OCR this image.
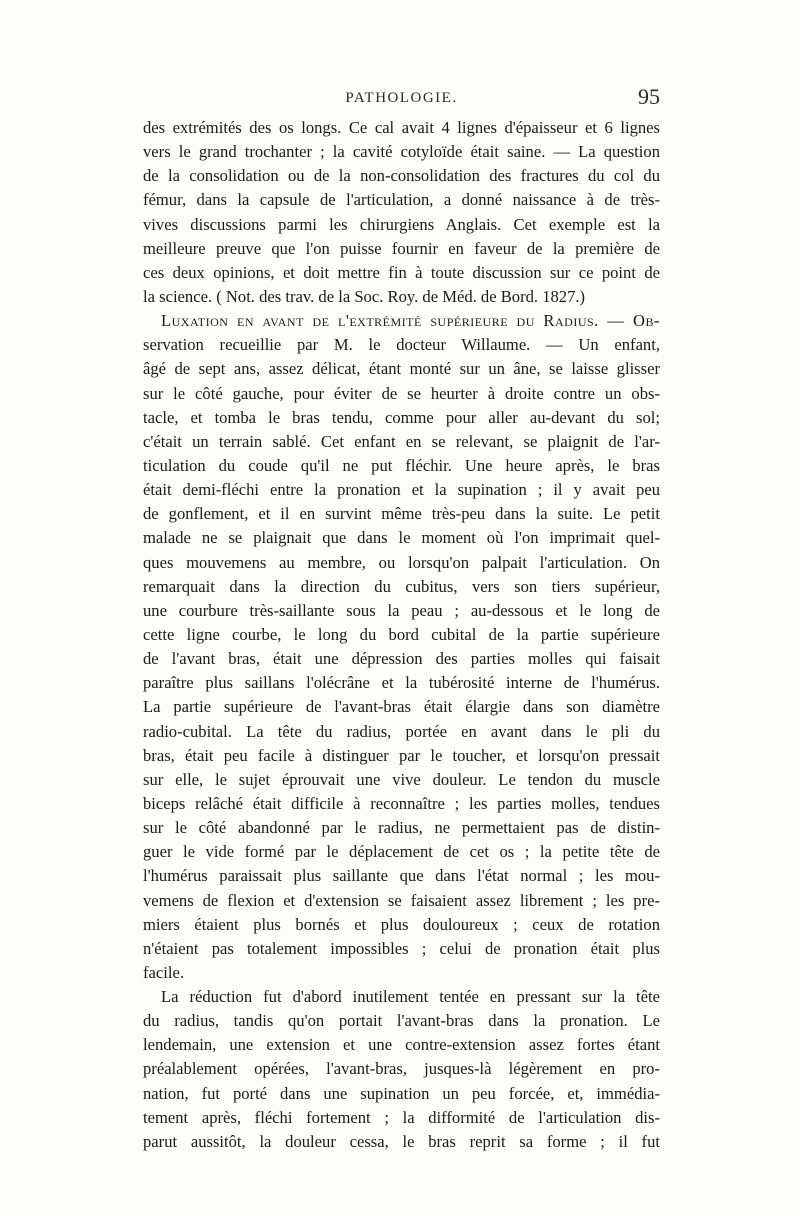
PATHOLOGIE.	95
des extrémités des os longs. Ce cal avait 4 lignes d'épaisseur et 6 lignes
vers le grand trochanter ; la cavité cotyloïde était saine. — La question
de la consolidation ou de la non-consolidation des fractures du col du
fémur, dans la capsule de l'articulation, a donné naissance à de très-
vives discussions parmi les chirurgiens Anglais. Cet exemple est la
meilleure preuve que l'on puisse fournir en faveur de la première de
ces deux opinions, et doit mettre fin à toute discussion sur ce point de
la science. ( Not. des trav. de la Soc. Roy. de Méd. de Bord. 1827.)
Luxation en avant de l'extrémité supérieure du Radius. — Ob-
servation recueillie par M. le docteur Willaume. — Un enfant,
âgé de sept ans, assez délicat, étant monté sur un âne, se laisse glisser
sur le côté gauche, pour éviter de se heurter à droite contre un obs-
tacle, et tomba le bras tendu, comme pour aller au-devant du sol;
c'était un terrain sablé. Cet enfant en se relevant, se plaignit de l'ar-
ticulation du coude qu'il ne put fléchir. Une heure après, le bras
était demi-fléchi entre la pronation et la supination ; il y avait peu
de gonflement, et il en survint même très-peu dans la suite. Le petit
malade ne se plaignait que dans le moment où l'on imprimait quel-
ques mouvemens au membre, ou lorsqu'on palpait l'articulation. On
remarquait dans la direction du cubitus, vers son tiers supérieur,
une courbure très-saillante sous la peau ; au-dessous et le long de
cette ligne courbe, le long du bord cubital de la partie supérieure
de l'avant bras, était une dépression des parties molles qui faisait
paraître plus saillans l'olécrâne et la tubérosité interne de l'humérus.
La partie supérieure de l'avant-bras était élargie dans son diamètre
radio-cubital. La tête du radius, portée en avant dans le pli du
bras, était peu facile à distinguer par le toucher, et lorsqu'on pressait
sur elle, le sujet éprouvait une vive douleur. Le tendon du muscle
biceps relâché était difficile à reconnaître ; les parties molles, tendues
sur le côté abandonné par le radius, ne permettaient pas de distin-
guer le vide formé par le déplacement de cet os ; la petite tête de
l'humérus paraissait plus saillante que dans l'état normal ; les mou-
vemens de flexion et d'extension se faisaient assez librement ; les pre-
miers étaient plus bornés et plus douloureux ; ceux de rotation
n'étaient pas totalement impossibles ; celui de pronation était plus
facile.
La réduction fut d'abord inutilement tentée en pressant sur la tête
du radius, tandis qu'on portait l'avant-bras dans la pronation. Le
lendemain, une extension et une contre-extension assez fortes étant
préalablement opérées, l'avant-bras, jusques-là légèrement en pro-
nation, fut porté dans une supination un peu forcée, et, immédia-
tement après, fléchi fortement ; la difformité de l'articulation dis-
parut aussitôt, la douleur cessa, le bras reprit sa forme ; il fut
